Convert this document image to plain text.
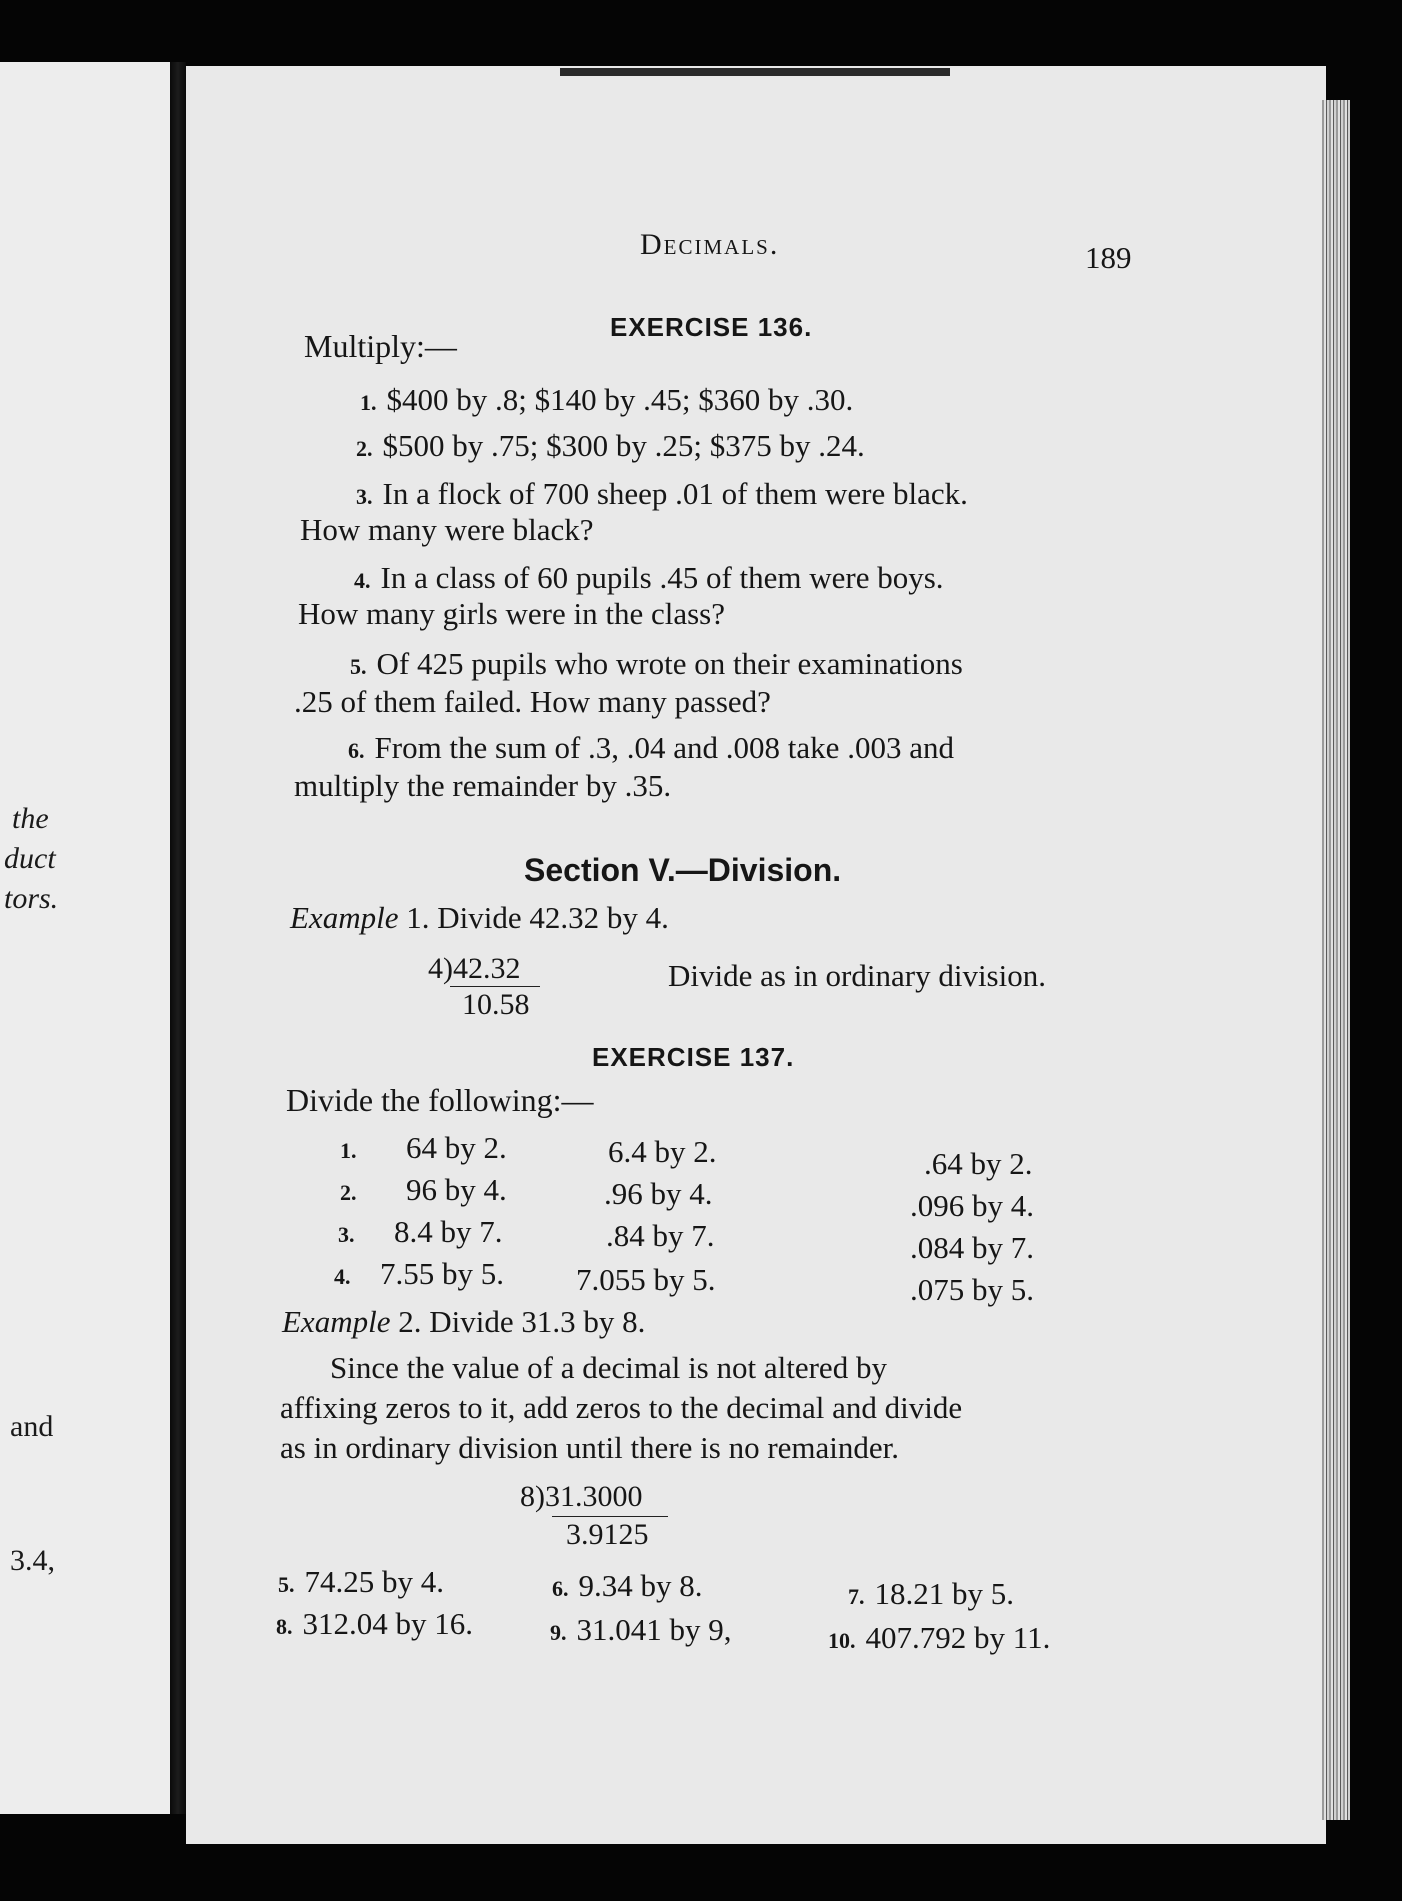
the
duct
tors.
and
3.4,
Decimals.	189
EXERCISE 136.
Multiply:—
1. $400 by .8; $140 by .45; $360 by .30.
2. $500 by .75; $300 by .25; $375 by .24.
3. In a flock of 700 sheep .01 of them were black.
How many were black?
4. In a class of 60 pupils .45 of them were boys.
How many girls were in the class?
5. Of 425 pupils who wrote on their examinations
.25 of them failed. How many passed?
6. From the sum of .3, .04 and .008 take .003 and
multiply the remainder by .35.
Section V.—Division.
Example 1. Divide 42.32 by 4.
4)42.32
10.58
Divide as in ordinary division.
EXERCISE 137.
Divide the following:—
1. 64 by 2.	6.4 by 2.	.64 by 2.
2. 96 by 4.	.96 by 4.	.096 by 4.
3. 8.4 by 7.	.84 by 7.	.084 by 7.
4. 7.55 by 5. 7.055 by 5.	.075 by 5.
Example 2. Divide 31.3 by 8.
Since the value of a decimal is not altered by
affixing zeros to it, add zeros to the decimal and divide
as in ordinary division until there is no remainder.
8)31.3000
3.9125
5. 74.25 by 4.	6. 9.34 by 8.	7. 18.21 by 5.
8. 312.04 by 16.	9. 31.041 by 9,	10. 407.792 by 11.
